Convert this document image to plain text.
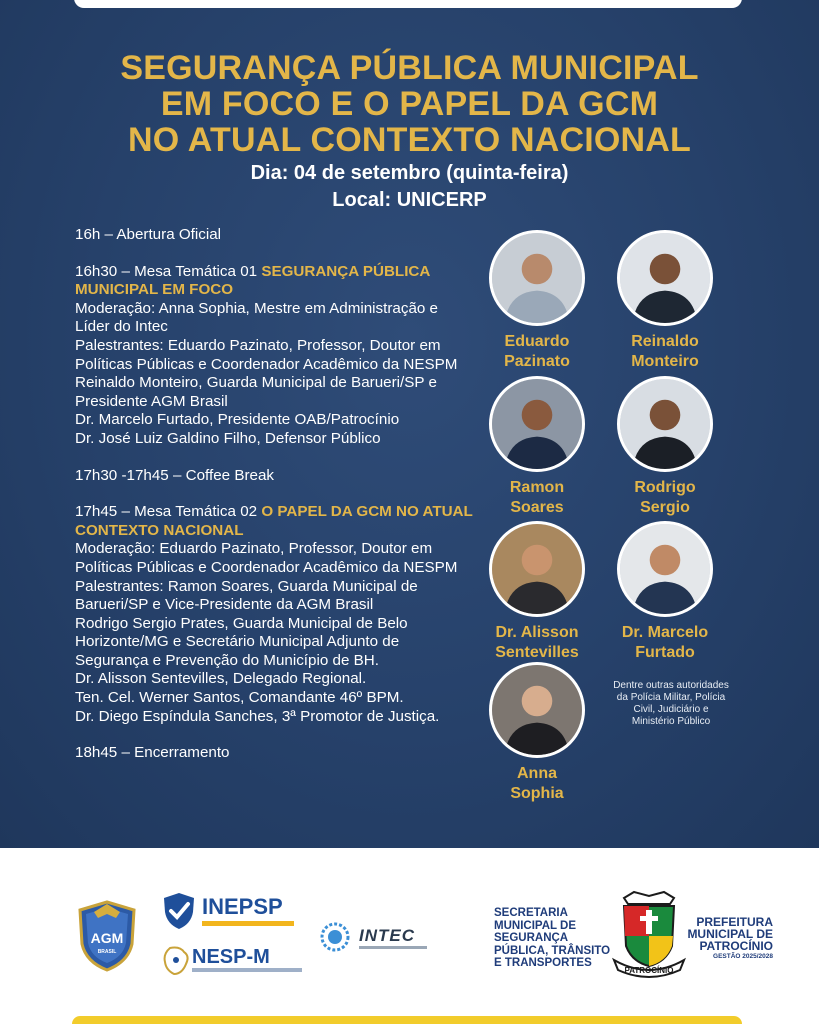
SEGURANÇA PÚBLICA MUNICIPAL
EM FOCO E O PAPEL DA GCM
NO ATUAL CONTEXTO NACIONAL
Dia: 04 de setembro (quinta-feira)
Local: UNICERP
16h – Abertura Oficial
16h30 – Mesa Temática 01 SEGURANÇA PÚBLICA MUNICIPAL EM FOCO
Moderação: Anna Sophia, Mestre em Administração e Líder do Intec
Palestrantes: Eduardo Pazinato, Professor, Doutor em Políticas Públicas e Coordenador Acadêmico da NESPM
Reinaldo Monteiro, Guarda Municipal de Barueri/SP e Presidente AGM Brasil
Dr. Marcelo Furtado, Presidente OAB/Patrocínio
Dr. José Luiz Galdino Filho, Defensor Público
17h30 -17h45 – Coffee Break
17h45 – Mesa Temática 02 O PAPEL DA GCM NO ATUAL CONTEXTO NACIONAL
Moderação: Eduardo Pazinato, Professor, Doutor em Políticas Públicas e Coordenador Acadêmico da NESPM
Palestrantes: Ramon Soares, Guarda Municipal de Barueri/SP e Vice-Presidente da AGM Brasil
Rodrigo Sergio Prates, Guarda Municipal de Belo Horizonte/MG e Secretário Municipal Adjunto de Segurança e Prevenção do Município de BH.
Dr. Alisson Sentevilles, Delegado Regional.
Ten. Cel. Werner Santos, Comandante 46º BPM.
Dr. Diego Espíndula Sanches, 3ª Promotor de Justiça.
18h45 – Encerramento
Eduardo
Pazinato
Reinaldo
Monteiro
Ramon
Soares
Rodrigo
Sergio
Dr. Alisson
Sentevilles
Dr. Marcelo
Furtado
Anna
Sophia
Dentre outras autoridades da Polícia Militar, Polícia Civil, Judiciário e Ministério Público
AGM
BRASIL
INEPSP
NESP-M
INTEC
SECRETARIA MUNICIPAL DE SEGURANÇA PÚBLICA, TRÂNSITO E TRANSPORTES
PATROCÍNIO
PREFEITURA MUNICIPAL DE PATROCÍNIO
GESTÃO 2025/2028
